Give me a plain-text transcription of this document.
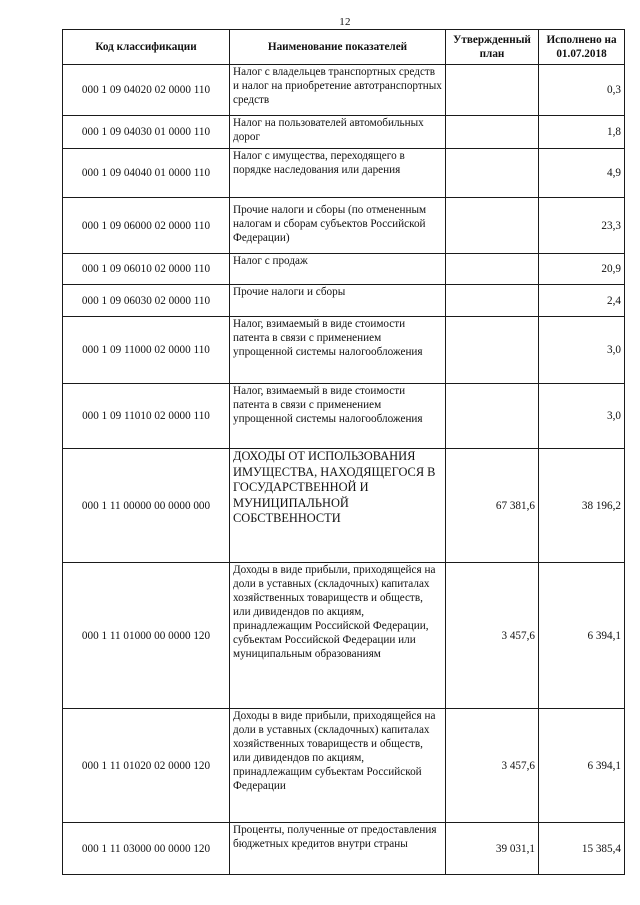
12
Код классификации	Наименование показателей	Утвержденный план	Исполнено на 01.07.2018
000 1 09 04020 02 0000 110	Налог с владельцев транспортных средств и налог на приобретение автотранспортных средств		0,3
000 1 09 04030 01 0000 110	Налог на пользователей автомобильных дорог		1,8
000 1 09 04040 01 0000 110	Налог с имущества, переходящего в порядке наследования или дарения		4,9
000 1 09 06000 02 0000 110	Прочие налоги и сборы (по отмененным налогам и сборам субъектов Российской Федерации)		23,3
000 1 09 06010 02 0000 110	Налог с продаж		20,9
000 1 09 06030 02 0000 110	Прочие налоги и сборы		2,4
000 1 09 11000 02 0000 110	Налог, взимаемый в виде стоимости патента в связи с применением упрощенной системы налогообложения		3,0
000 1 09 11010 02 0000 110	Налог, взимаемый в виде стоимости патента в связи с применением упрощенной системы налогообложения		3,0
000 1 11 00000 00 0000 000	ДОХОДЫ ОТ ИСПОЛЬЗОВАНИЯ ИМУЩЕСТВА, НАХОДЯЩЕГОСЯ В ГОСУДАРСТВЕННОЙ И МУНИЦИПАЛЬНОЙ СОБСТВЕННОСТИ	67 381,6	38 196,2
000 1 11 01000 00 0000 120	Доходы в виде прибыли, приходящейся на доли в уставных (складочных) капиталах хозяйственных товариществ и обществ, или дивидендов по акциям, принадлежащим Российской Федерации, субъектам Российской Федерации или муниципальным образованиям	3 457,6	6 394,1
000 1 11 01020 02 0000 120	Доходы в виде прибыли, приходящейся на доли в уставных (складочных) капиталах хозяйственных товариществ и обществ, или дивидендов по акциям, принадлежащим субъектам Российской Федерации	3 457,6	6 394,1
000 1 11 03000 00 0000 120	Проценты, полученные от предоставления бюджетных кредитов внутри страны	39 031,1	15 385,4
